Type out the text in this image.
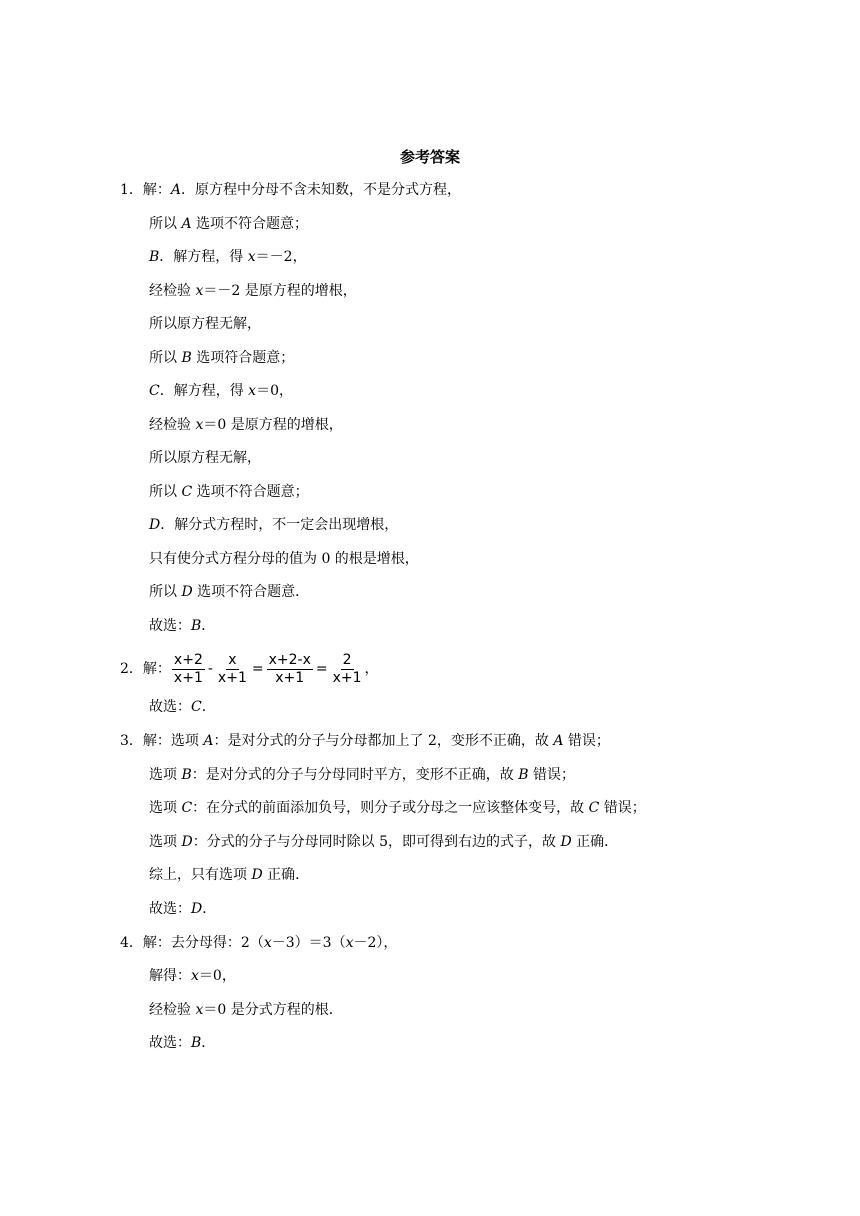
参考答案
1．解：A．原方程中分母不含未知数，不是分式方程，
所以 A 选项不符合题意；
B．解方程，得 x＝－2，
经检验 x＝－2 是原方程的增根，
所以原方程无解，
所以 B 选项符合题意；
C．解方程，得 x＝0，
经检验 x＝0 是原方程的增根，
所以原方程无解，
所以 C 选项不符合题意；
D．解分式方程时，不一定会出现增根，
只有使分式方程分母的值为 0 的根是增根，
所以 D 选项不符合题意．
故选：B．
2．解： $\frac{x+2}{x+1} - \frac{x}{x+1} = \frac{x+2-x}{x+1} = \frac{2}{x+1}$ ，
故选：C．
3．解：选项 A：是对分式的分子与分母都加上了 2，变形不正确，故 A 错误；
选项 B：是对分式的分子与分母同时平方，变形不正确，故 B 错误；
选项 C：在分式的前面添加负号，则分子或分母之一应该整体变号，故 C 错误；
选项 D：分式的分子与分母同时除以 5，即可得到右边的式子，故 D 正确．
综上，只有选项 D 正确．
故选：D．
4．解：去分母得：2（x－3）＝3（x－2），
解得：x＝0，
经检验 x＝0 是分式方程的根．
故选：B．
